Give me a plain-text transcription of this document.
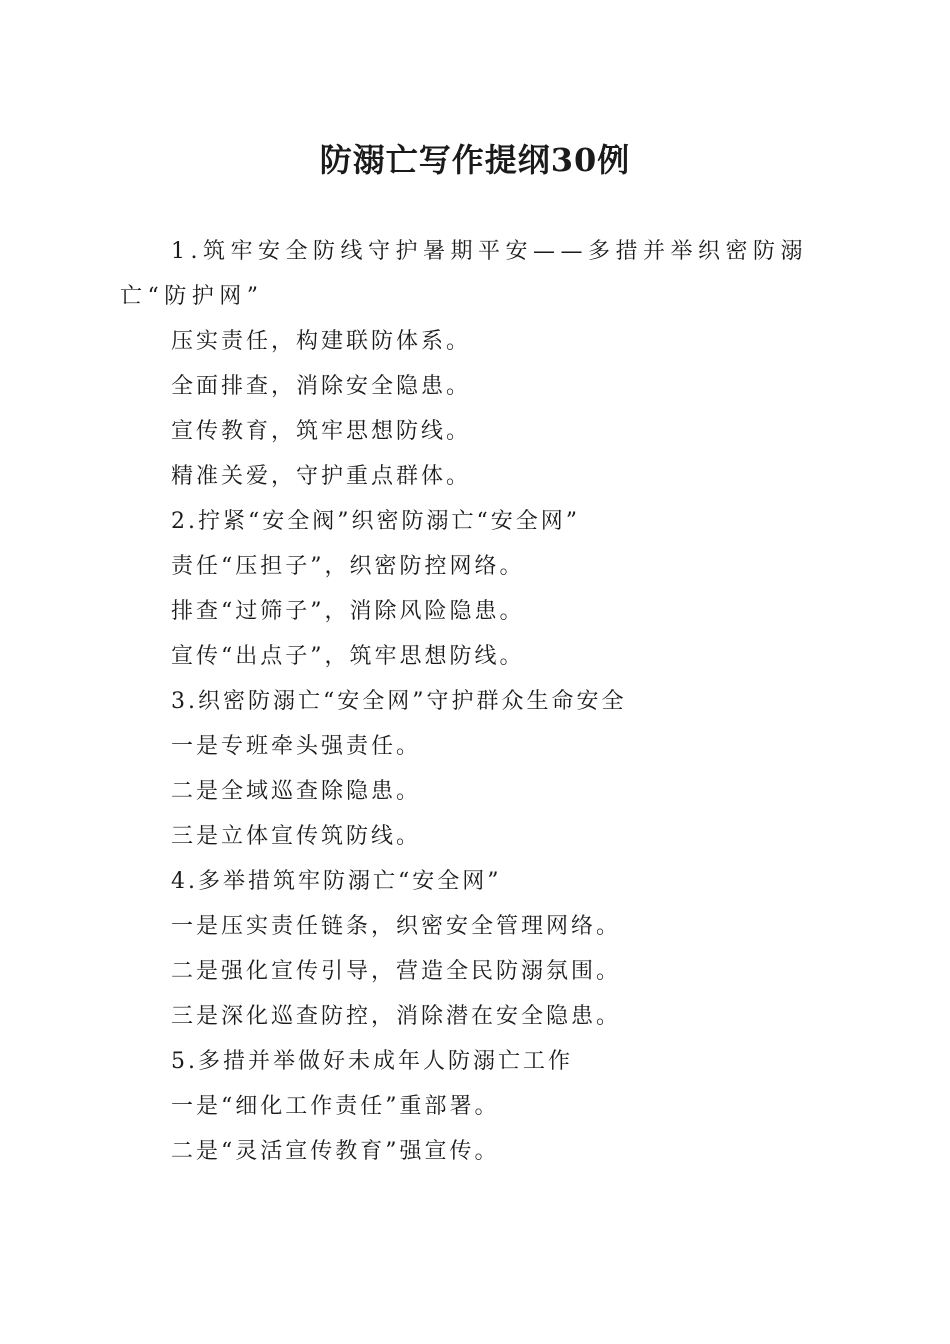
防溺亡写作提纲30例

1.筑牢安全防线守护暑期平安——多措并举织密防溺亡“防护网”

压实责任，构建联防体系。

全面排查，消除安全隐患。

宣传教育，筑牢思想防线。

精准关爱，守护重点群体。

2.拧紧“安全阀”织密防溺亡“安全网”

责任“压担子”，织密防控网络。

排查“过筛子”，消除风险隐患。

宣传“出点子”，筑牢思想防线。

3.织密防溺亡“安全网”守护群众生命安全

一是专班牵头强责任。

二是全域巡查除隐患。

三是立体宣传筑防线。

4.多举措筑牢防溺亡“安全网”

一是压实责任链条，织密安全管理网络。

二是强化宣传引导，营造全民防溺氛围。

三是深化巡查防控，消除潜在安全隐患。

5.多措并举做好未成年人防溺亡工作

一是“细化工作责任”重部署。

二是“灵活宣传教育”强宣传。
